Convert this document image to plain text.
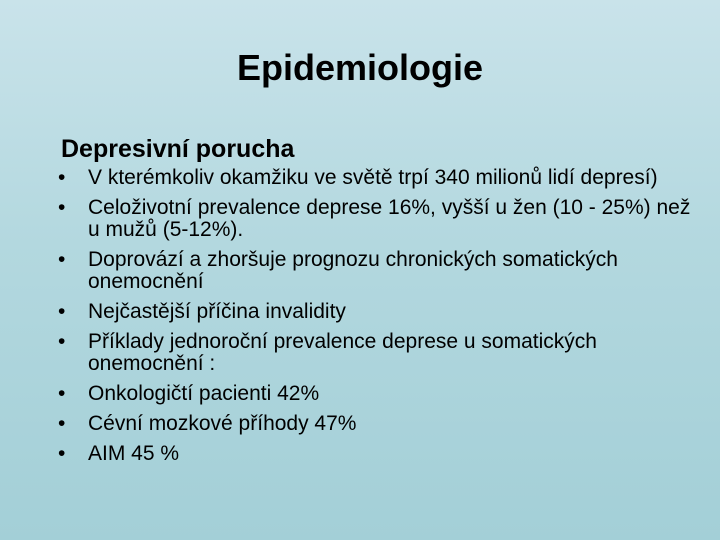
Epidemiologie
Depresivní porucha
•	V kterémkoliv okamžiku ve světě trpí 340 milionů lidí depresí)
•	Celoživotní prevalence deprese 16%, vyšší u žen (10 - 25%) než u mužů (5-12%).
•	Doprovází a zhoršuje prognozu chronických somatických onemocnění
•	Nejčastější příčina invalidity
•	Příklady jednoroční prevalence deprese u somatických onemocnění :
•	Onkologičtí pacienti 42%
•	Cévní mozkové příhody 47%
•	AIM 45 %
